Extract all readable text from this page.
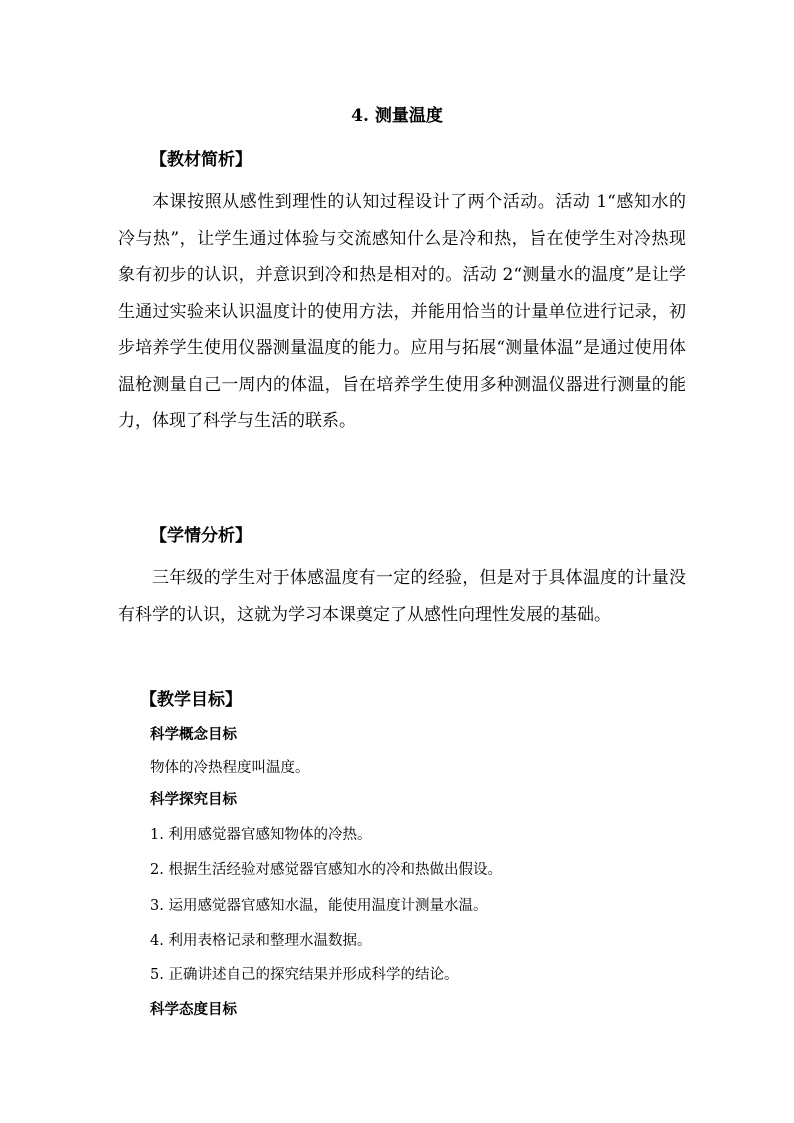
4. 测量温度
【教材简析】
本课按照从感性到理性的认知过程设计了两个活动。活动 1“感知水的冷与热”，让学生通过体验与交流感知什么是冷和热，旨在使学生对冷热现象有初步的认识，并意识到冷和热是相对的。活动 2“测量水的温度”是让学生通过实验来认识温度计的使用方法，并能用恰当的计量单位进行记录，初步培养学生使用仪器测量温度的能力。应用与拓展“测量体温”是通过使用体温枪测量自己一周内的体温，旨在培养学生使用多种测温仪器进行测量的能力，体现了科学与生活的联系。
【学情分析】
三年级的学生对于体感温度有一定的经验，但是对于具体温度的计量没有科学的认识，这就为学习本课奠定了从感性向理性发展的基础。
【教学目标】
科学概念目标
物体的冷热程度叫温度。
科学探究目标
1. 利用感觉器官感知物体的冷热。
2. 根据生活经验对感觉器官感知水的冷和热做出假设。
3. 运用感觉器官感知水温，能使用温度计测量水温。
4. 利用表格记录和整理水温数据。
5. 正确讲述自己的探究结果并形成科学的结论。
科学态度目标
